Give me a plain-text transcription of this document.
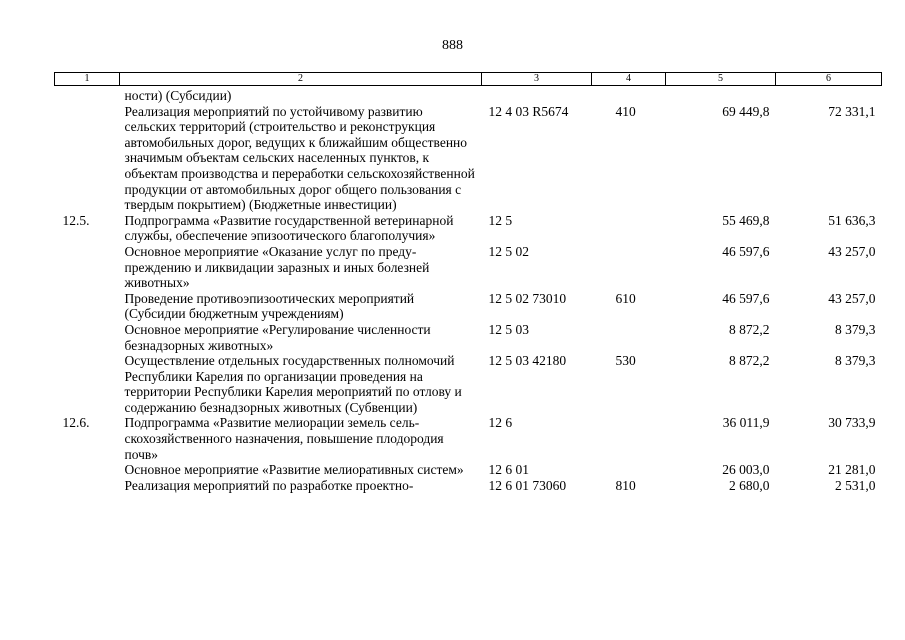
888
1	2	3	4	5	6
	ности) (Субсидии)				
	Реализация мероприятий по устойчивому развитию сельских территорий (строительство и реконструкция автомобильных дорог, ведущих к ближайшим общественно значимым объектам сельских населенных пунктов, к объектам производства и переработки сельскохозяйственной продукции от автомобильных дорог общего пользования с твердым покрытием) (Бюджетные инвестиции)	12 4 03 R5674	410	69 449,8	72 331,1
12.5.	Подпрограмма «Развитие государственной ветеринарной службы, обеспечение эпизоотического благополучия»	12 5		55 469,8	51 636,3
	Основное мероприятие «Оказание услуг по предупреждению и ликвидации заразных и иных болезней животных»	12 5 02		46 597,6	43 257,0
	Проведение противоэпизоотических мероприятий (Субсидии бюджетным учреждениям)	12 5 02 73010	610	46 597,6	43 257,0
	Основное мероприятие «Регулирование численности безнадзорных животных»	12 5 03		8 872,2	8 379,3
	Осуществление отдельных государственных полномочий Республики Карелия по организации проведения на территории Республики Карелия мероприятий по отлову и содержанию безнадзорных животных (Субвенции)	12 5 03 42180	530	8 872,2	8 379,3
12.6.	Подпрограмма «Развитие мелиорации земель сельскохозяйственного назначения, повышение плодородия почв»	12 6		36 011,9	30 733,9
	Основное мероприятие «Развитие мелиоративных систем»	12 6 01		26 003,0	21 281,0
	Реализация мероприятий по разработке проектно-	12 6 01 73060	810	2 680,0	2 531,0
